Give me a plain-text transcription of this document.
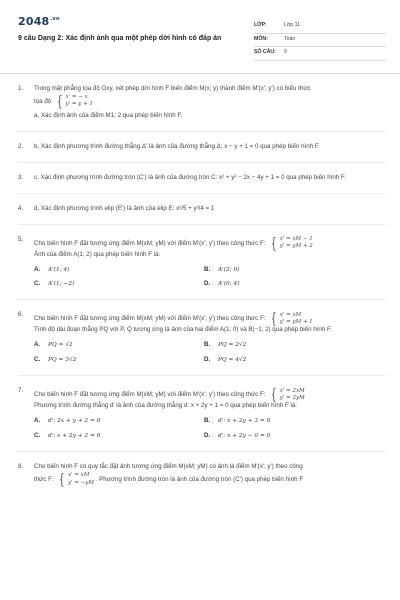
$2048^{.vn}$
9 câu Dạng 2: Xác định ảnh qua một phép dời hình có đáp án
LỚP:	Lớp 11
MÔN:	Toán
SỐ CÂU:	9
1.	Trong mặt phẳng tọa độ Oxy, xét phép dời hình F biến điểm M(x; y) thành điểm M'(x'; y') có biểu thức
tọa độ { x' = − x
y' = y + 1
a, Xác định ảnh của điểm M1; 2 qua phép biến hình F.
2.	b, Xác định phương trình đường thẳng Δ' là ảnh của đường thẳng Δ: x − y + 1 = 0 qua phép biến hình F.
3.	c, Xác định phương trình đường tròn (C') là ảnh của đường tròn C: x² + y² − 2x − 4y + 1 = 0 qua phép biến hình F.
4.	d, Xác định phương trình elip (E') là ảnh của elip E: x²/5 + y²/4 = 1
5.
Cho biến hình F đặt tương ứng điểm M(xM; yM) với điểm M'(x'; y') theo công thức F: { x' = xM − 1
y' = yM + 2
Ảnh của điểm A(1; 2) qua phép biến hình F là:
A.	A'(1; 4)	B.	A'(2; 0)
C.	A'(1; −2)	D.	A'(0; 4)
6.
Cho biến hình F đặt tương ứng điểm M(xM; yM) với điểm M'(x'; y') theo công thức F: { x' = xM
y' = yM + 1
Tính độ dài đoạn thẳng PQ với P, Q tương ứng là ảnh của hai điểm A(1; 0) và B(−1; 2) qua phép biến hình F.
A.	PQ = √2	B.	PQ = 2√2
C.	PQ = 3√2	D.	PQ = 4√2
7.
Cho biến hình F đặt tương ứng điểm M(xM; yM) với điểm M'(x'; y') theo công thức F: { x' = 2xM
y' = 2yM
Phương trình đường thẳng d' là ảnh của đường thẳng d: x + 2y + 1 = 0 qua phép biến hình F là:
A.	d': 2x + y + 2 = 0	B.	d': x + 2y + 3 = 0
C.	d': x + 2y + 2 = 0	D.	d': x + 2y − 0 = 0
8.	Cho biến hình F có quy tắc đặt ảnh tương ứng điểm M(xM; yM) có ảnh là điểm M'(x'; y') theo công
thức F: { x' = xM
y' = −yM . Phương trình đường tròn là ảnh của đường tròn (C') qua phép biến hình F
